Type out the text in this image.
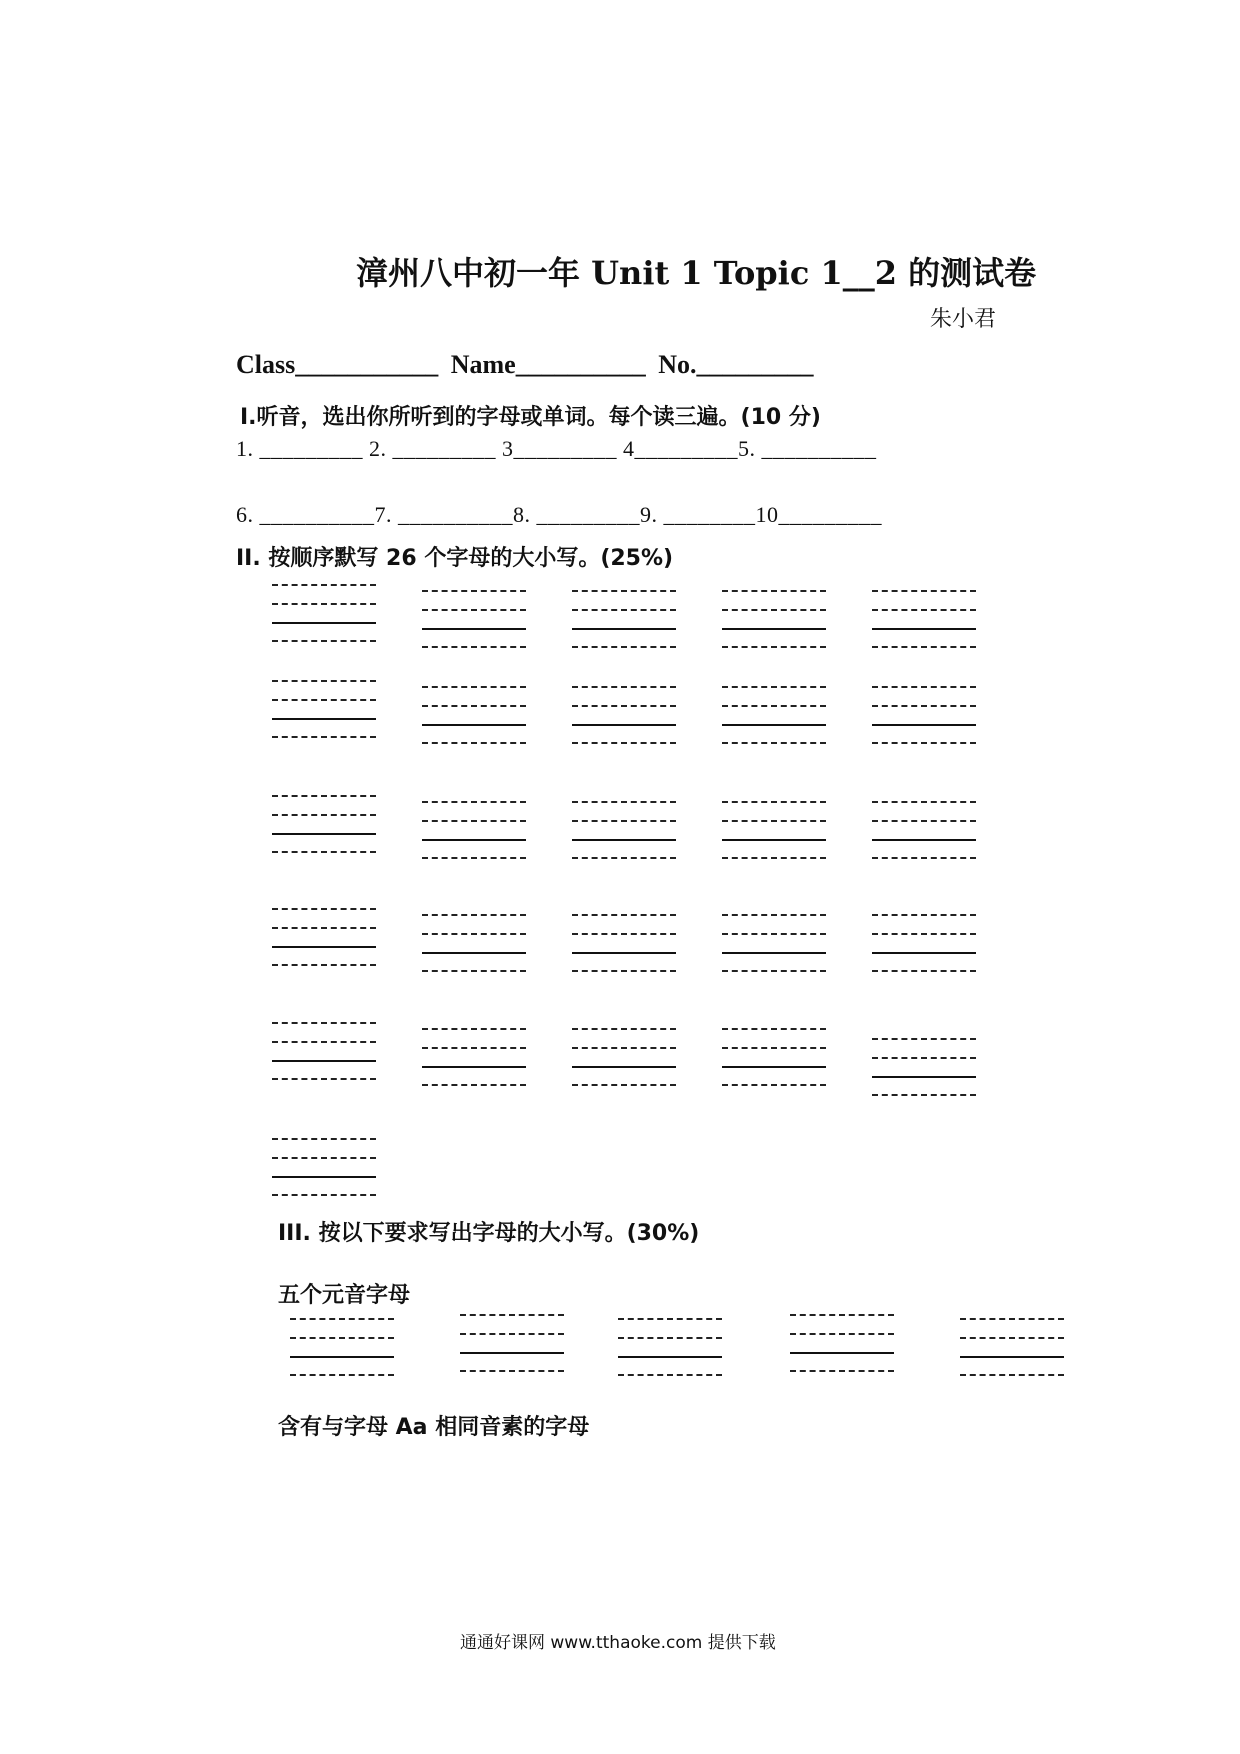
漳州八中初一年 Unit 1 Topic 1__2 的测试卷
朱小君
Class___________ Name__________ No._________
Ⅰ.听音，选出你所听到的字母或单词。每个读三遍。(10 分)
1. _________ 2. _________ 3_________ 4_________5. __________
6. __________7. __________8. _________9. ________10_________
II. 按顺序默写 26 个字母的大小写。(25%)
III. 按以下要求写出字母的大小写。(30%)
五个元音字母
含有与字母 Aa 相同音素的字母
通通好课网 www.tthaoke.com 提供下载
